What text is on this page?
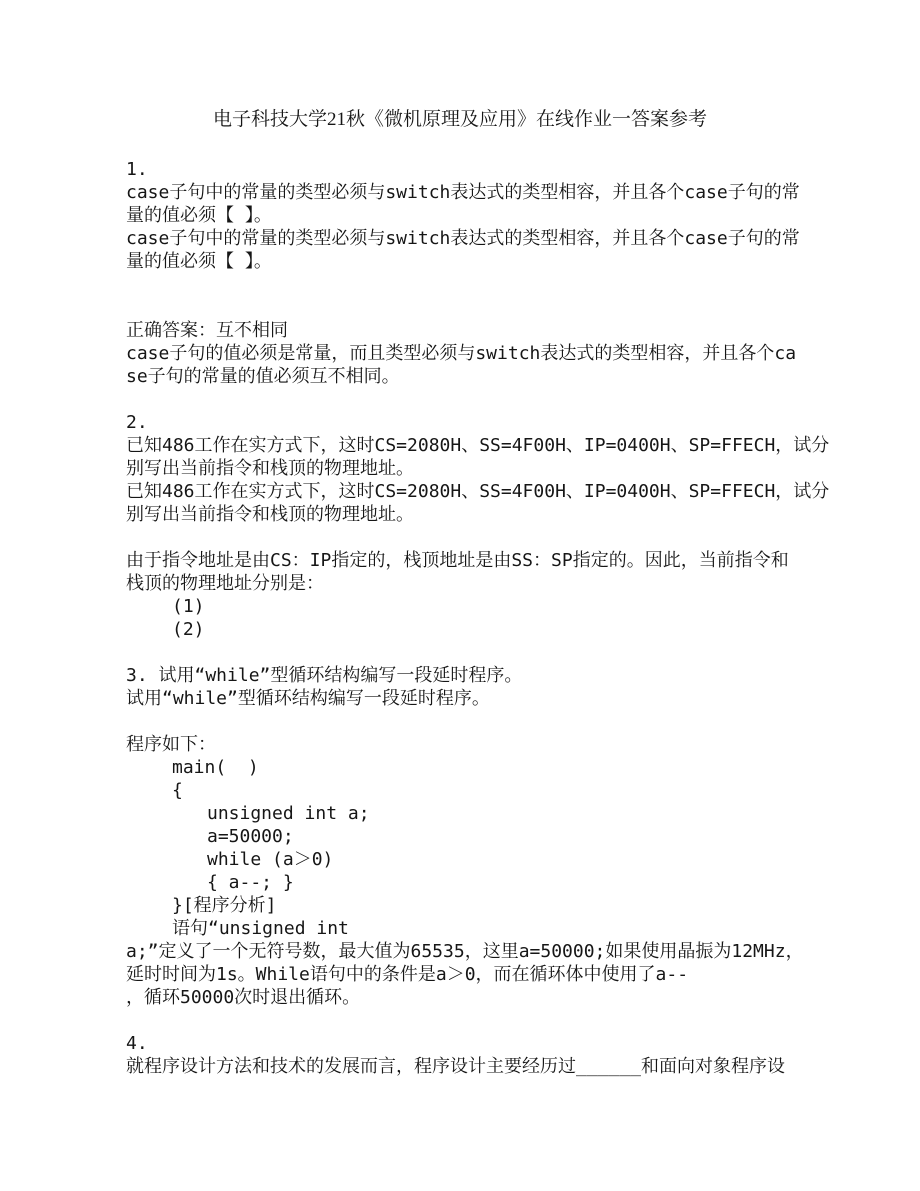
电子科技大学21秋《微机原理及应用》在线作业一答案参考
1.
case子句中的常量的类型必须与switch表达式的类型相容，并且各个case子句的常
量的值必须【 】。
case子句中的常量的类型必须与switch表达式的类型相容，并且各个case子句的常
量的值必须【 】。
正确答案：互不相同
case子句的值必须是常量，而且类型必须与switch表达式的类型相容，并且各个ca
se子句的常量的值必须互不相同。
2.
已知486工作在实方式下，这时CS=2080H、SS=4F00H、IP=0400H、SP=FFECH，试分
别写出当前指令和栈顶的物理地址。
已知486工作在实方式下，这时CS=2080H、SS=4F00H、IP=0400H、SP=FFECH，试分
别写出当前指令和栈顶的物理地址。
由于指令地址是由CS：IP指定的，栈顶地址是由SS：SP指定的。因此，当前指令和
栈顶的物理地址分别是：
(1)
(2)
3. 试用“while”型循环结构编写一段延时程序。
试用“while”型循环结构编写一段延时程序。
程序如下：
main(  )
{
unsigned int a;
a=50000;
while (a＞0)
{ a--; }
}[程序分析]
语句“unsigned int
a;”定义了一个无符号数，最大值为65535，这里a=50000;如果使用晶振为12MHz，
延时时间为1s。While语句中的条件是a＞0，而在循环体中使用了a--
，循环50000次时退出循环。
4.
就程序设计方法和技术的发展而言，程序设计主要经历过______和面向对象程序设
